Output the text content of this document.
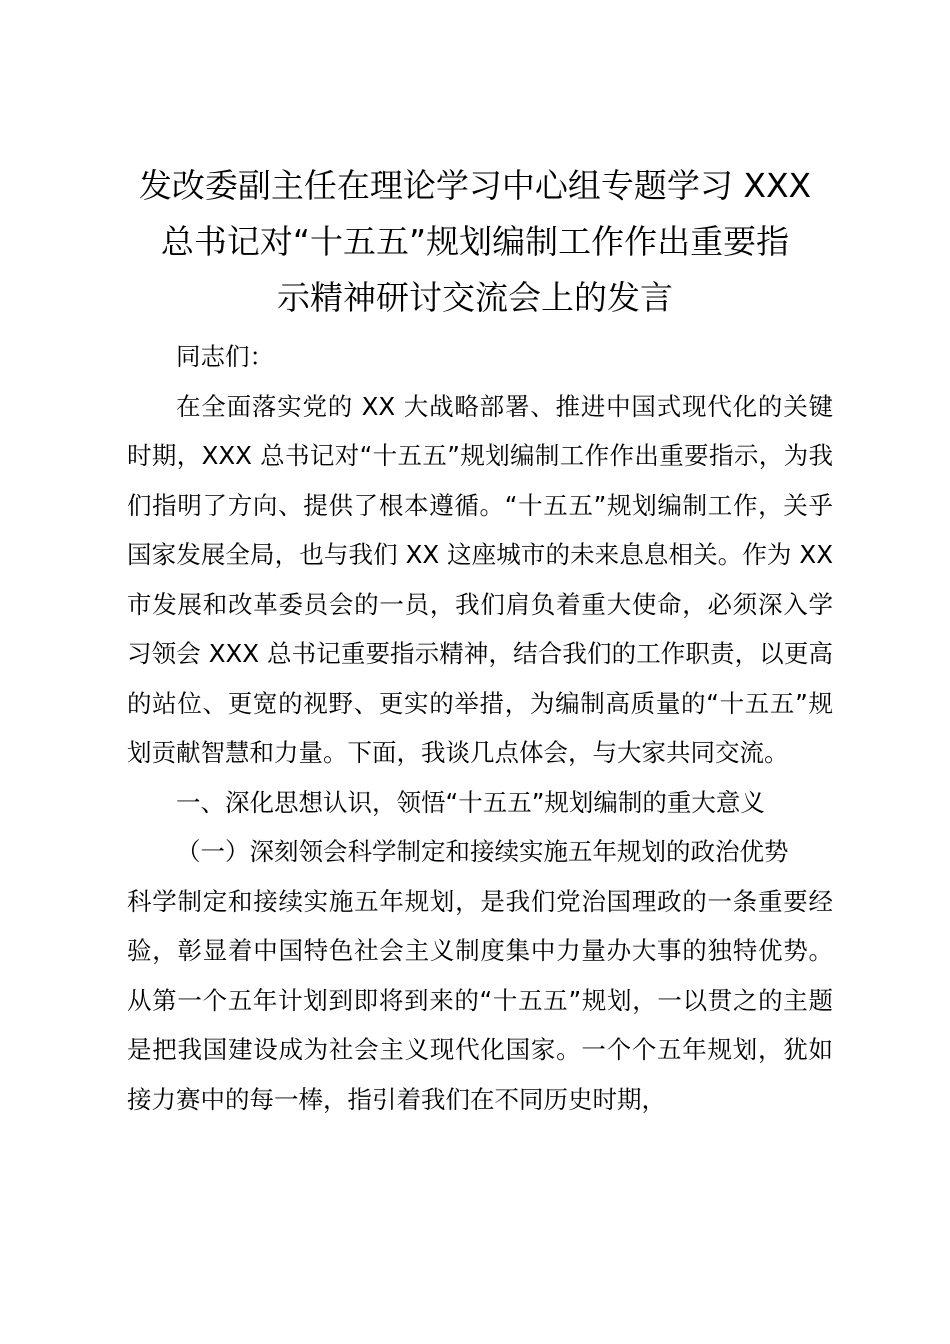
发改委副主任在理论学习中心组专题学习 XXX
总书记对“十五五”规划编制工作作出重要指
示精神研讨交流会上的发言

同志们：

在全面落实党的 XX 大战略部署、推进中国式现代化的关键时期，XXX 总书记对“十五五”规划编制工作作出重要指示，为我们指明了方向、提供了根本遵循。“十五五”规划编制工作，关乎国家发展全局，也与我们 XX 这座城市的未来息息相关。作为 XX 市发展和改革委员会的一员，我们肩负着重大使命，必须深入学习领会 XXX 总书记重要指示精神，结合我们的工作职责，以更高的站位、更宽的视野、更实的举措，为编制高质量的“十五五”规划贡献智慧和力量。下面，我谈几点体会，与大家共同交流。

一、深化思想认识，领悟“十五五”规划编制的重大意义

（一）深刻领会科学制定和接续实施五年规划的政治优势

科学制定和接续实施五年规划，是我们党治国理政的一条重要经验，彰显着中国特色社会主义制度集中力量办大事的独特优势。从第一个五年计划到即将到来的“十五五”规划，一以贯之的主题是把我国建设成为社会主义现代化国家。一个个五年规划，犹如接力赛中的每一棒，指引着我们在不同历史时期，
